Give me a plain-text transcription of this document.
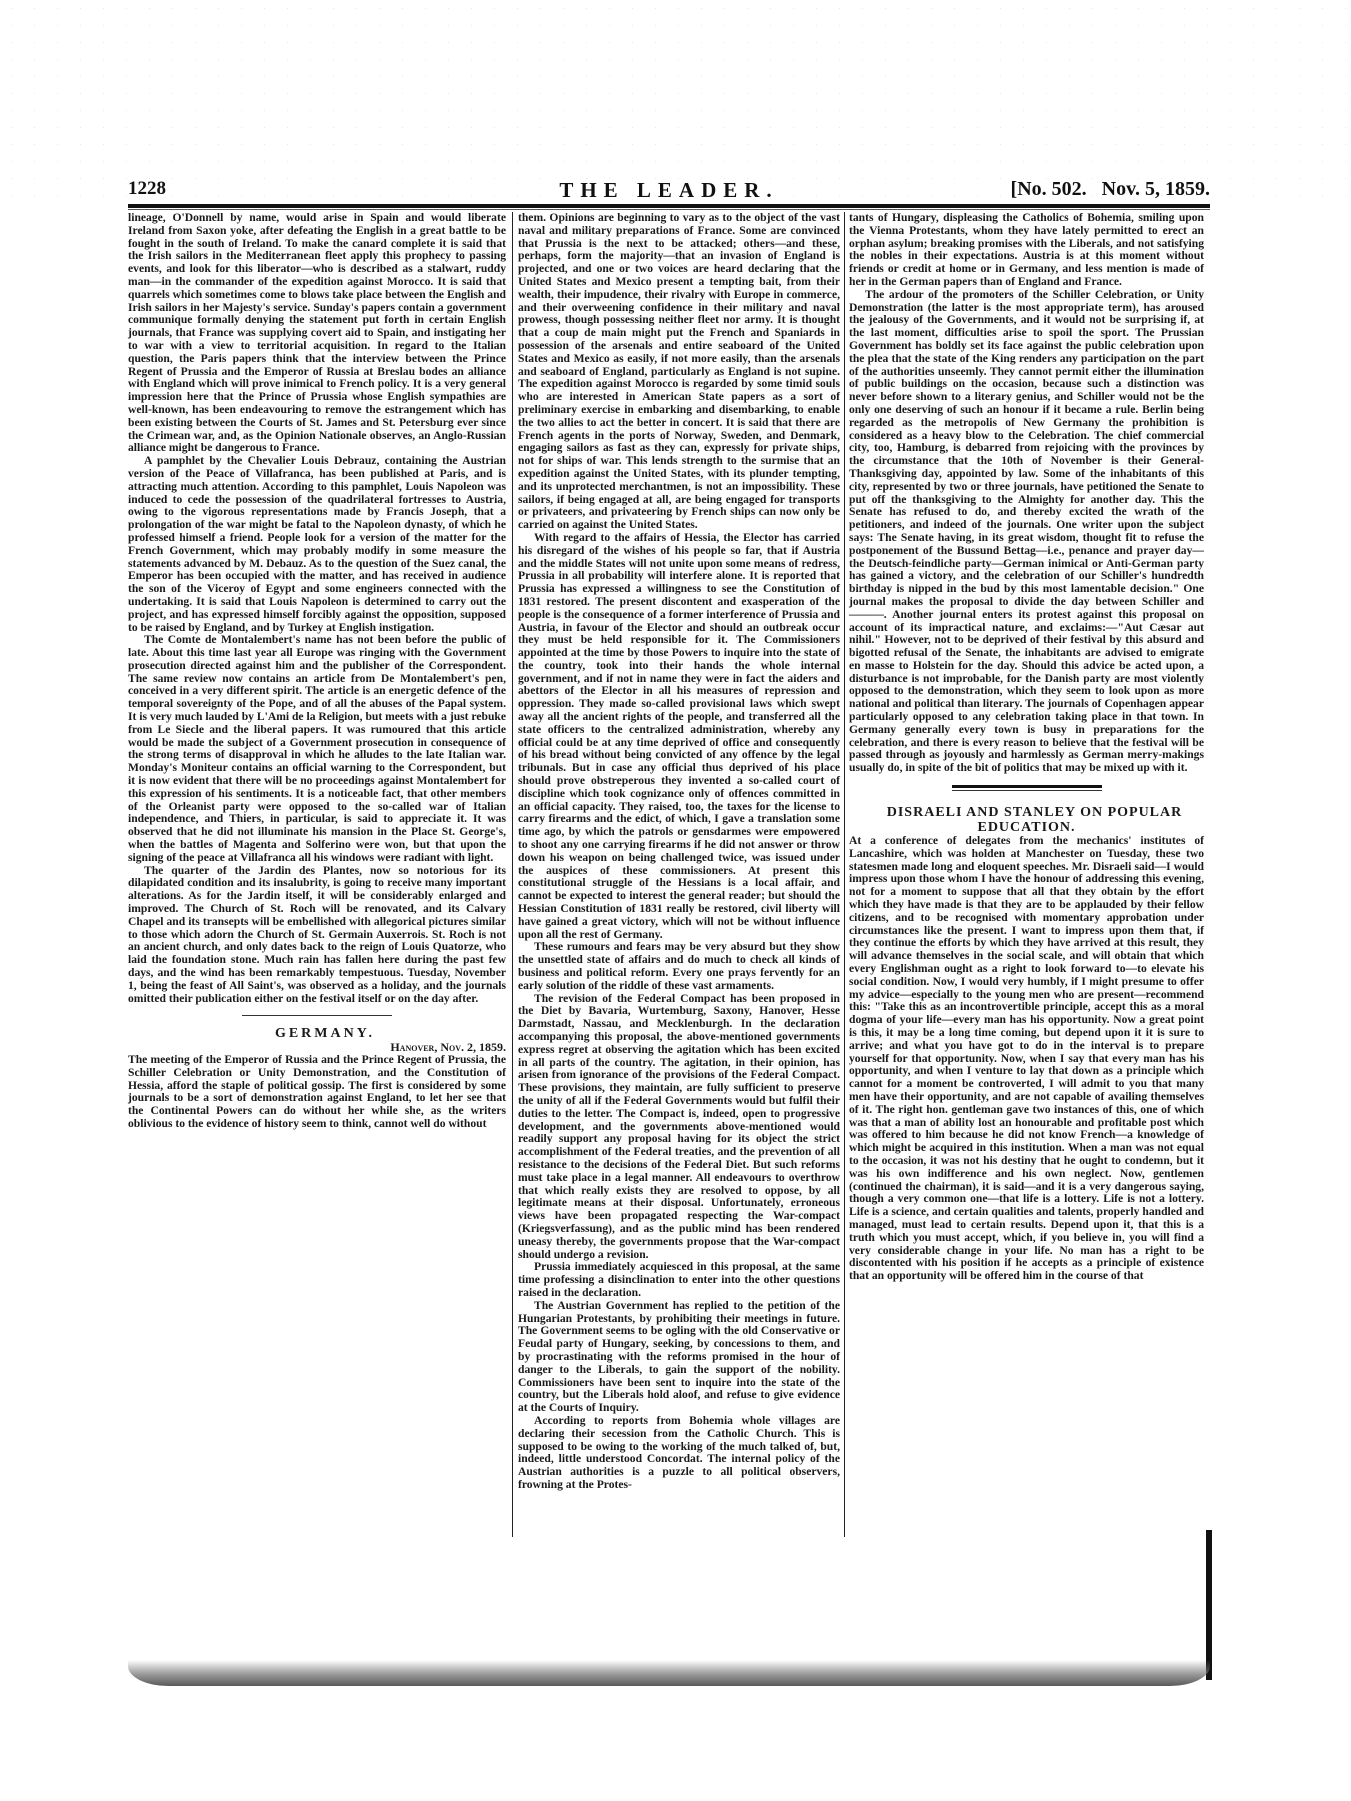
1228	THE LEADER.	[No. 502. Nov. 5, 1859.

lineage, O'Donnell by name, would arise in Spain and would liberate Ireland from Saxon yoke, after defeating the English in a great battle to be fought in the south of Ireland. To make the canard complete it is said that the Irish sailors in the Mediterranean fleet apply this prophecy to passing events, and look for this liberator—who is described as a stalwart, ruddy man—in the commander of the expedition against Morocco. It is said that quarrels which sometimes come to blows take place between the English and Irish sailors in her Majesty's service. Sunday's papers contain a government communique formally denying the statement put forth in certain English journals, that France was supplying covert aid to Spain, and instigating her to war with a view to territorial acquisition. In regard to the Italian question, the Paris papers think that the interview between the Prince Regent of Prussia and the Emperor of Russia at Breslau bodes an alliance with England which will prove inimical to French policy. It is a very general impression here that the Prince of Prussia whose English sympathies are well-known, has been endeavouring to remove the estrangement which has been existing between the Courts of St. James and St. Petersburg ever since the Crimean war, and, as the Opinion Nationale observes, an Anglo-Russian alliance might be dangerous to France.

A pamphlet by the Chevalier Louis Debrauz, containing the Austrian version of the Peace of Villafranca, has been published at Paris, and is attracting much attention. According to this pamphlet, Louis Napoleon was induced to cede the possession of the quadrilateral fortresses to Austria, owing to the vigorous representations made by Francis Joseph, that a prolongation of the war might be fatal to the Napoleon dynasty, of which he professed himself a friend. People look for a version of the matter for the French Government, which may probably modify in some measure the statements advanced by M. Debauz. As to the question of the Suez canal, the Emperor has been occupied with the matter, and has received in audience the son of the Viceroy of Egypt and some engineers connected with the undertaking. It is said that Louis Napoleon is determined to carry out the project, and has expressed himself forcibly against the opposition, supposed to be raised by England, and by Turkey at English instigation.

The Comte de Montalembert's name has not been before the public of late. About this time last year all Europe was ringing with the Government prosecution directed against him and the publisher of the Correspondent. The same review now contains an article from De Montalembert's pen, conceived in a very different spirit. The article is an energetic defence of the temporal sovereignty of the Pope, and of all the abuses of the Papal system. It is very much lauded by L'Ami de la Religion, but meets with a just rebuke from Le Siecle and the liberal papers. It was rumoured that this article would be made the subject of a Government prosecution in consequence of the strong terms of disapproval in which he alludes to the late Italian war. Monday's Moniteur contains an official warning to the Correspondent, but it is now evident that there will be no proceedings against Montalembert for this expression of his sentiments. It is a noticeable fact, that other members of the Orleanist party were opposed to the so-called war of Italian independence, and Thiers, in particular, is said to appreciate it. It was observed that he did not illuminate his mansion in the Place St. George's, when the battles of Magenta and Solferino were won, but that upon the signing of the peace at Villafranca all his windows were radiant with light.

The quarter of the Jardin des Plantes, now so notorious for its dilapidated condition and its insalubrity, is going to receive many important alterations. As for the Jardin itself, it will be considerably enlarged and improved. The Church of St. Roch will be renovated, and its Calvary Chapel and its transepts will be embellished with allegorical pictures similar to those which adorn the Church of St. Germain Auxerrois. St. Roch is not an ancient church, and only dates back to the reign of Louis Quatorze, who laid the foundation stone. Much rain has fallen here during the past few days, and the wind has been remarkably tempestuous. Tuesday, November 1, being the feast of All Saint's, was observed as a holiday, and the journals omitted their publication either on the festival itself or on the day after.

GERMANY.

Hanover, Nov. 2, 1859.

The meeting of the Emperor of Russia and the Prince Regent of Prussia, the Schiller Celebration or Unity Demonstration, and the Constitution of Hessia, afford the staple of political gossip. The first is considered by some journals to be a sort of demonstration against England, to let her see that the Continental Powers can do without her while she, as the writers oblivious to the evidence of history seem to think, cannot well do without

them. Opinions are beginning to vary as to the object of the vast naval and military preparations of France. Some are convinced that Prussia is the next to be attacked; others—and these, perhaps, form the majority—that an invasion of England is projected, and one or two voices are heard declaring that the United States and Mexico present a tempting bait, from their wealth, their impudence, their rivalry with Europe in commerce, and their overweening confidence in their military and naval prowess, though possessing neither fleet nor army. It is thought that a coup de main might put the French and Spaniards in possession of the arsenals and entire seaboard of the United States and Mexico as easily, if not more easily, than the arsenals and seaboard of England, particularly as England is not supine. The expedition against Morocco is regarded by some timid souls who are interested in American State papers as a sort of preliminary exercise in embarking and disembarking, to enable the two allies to act the better in concert. It is said that there are French agents in the ports of Norway, Sweden, and Denmark, engaging sailors as fast as they can, expressly for private ships, not for ships of war. This lends strength to the surmise that an expedition against the United States, with its plunder tempting, and its unprotected merchantmen, is not an impossibility. These sailors, if being engaged at all, are being engaged for transports or privateers, and privateering by French ships can now only be carried on against the United States.

With regard to the affairs of Hessia, the Elector has carried his disregard of the wishes of his people so far, that if Austria and the middle States will not unite upon some means of redress, Prussia in all probability will interfere alone. It is reported that Prussia has expressed a willingness to see the Constitution of 1831 restored. The present discontent and exasperation of the people is the consequence of a former interference of Prussia and Austria, in favour of the Elector and should an outbreak occur they must be held responsible for it. The Commissioners appointed at the time by those Powers to inquire into the state of the country, took into their hands the whole internal government, and if not in name they were in fact the aiders and abettors of the Elector in all his measures of repression and oppression. They made so-called provisional laws which swept away all the ancient rights of the people, and transferred all the state officers to the centralized administration, whereby any official could be at any time deprived of office and consequently of his bread without being convicted of any offence by the legal tribunals. But in case any official thus deprived of his place should prove obstreperous they invented a so-called court of discipline which took cognizance only of offences committed in an official capacity. They raised, too, the taxes for the license to carry firearms and the edict, of which, I gave a translation some time ago, by which the patrols or gensdarmes were empowered to shoot any one carrying firearms if he did not answer or throw down his weapon on being challenged twice, was issued under the auspices of these commissioners. At present this constitutional struggle of the Hessians is a local affair, and cannot be expected to interest the general reader; but should the Hessian Constitution of 1831 really be restored, civil liberty will have gained a great victory, which will not be without influence upon all the rest of Germany.

These rumours and fears may be very absurd but they show the unsettled state of affairs and do much to check all kinds of business and political reform. Every one prays fervently for an early solution of the riddle of these vast armaments.

The revision of the Federal Compact has been proposed in the Diet by Bavaria, Wurtemburg, Saxony, Hanover, Hesse Darmstadt, Nassau, and Mecklenburgh. In the declaration accompanying this proposal, the above-mentioned governments express regret at observing the agitation which has been excited in all parts of the country. The agitation, in their opinion, has arisen from ignorance of the provisions of the Federal Compact. These provisions, they maintain, are fully sufficient to preserve the unity of all if the Federal Governments would but fulfil their duties to the letter. The Compact is, indeed, open to progressive development, and the governments above-mentioned would readily support any proposal having for its object the strict accomplishment of the Federal treaties, and the prevention of all resistance to the decisions of the Federal Diet. But such reforms must take place in a legal manner. All endeavours to overthrow that which really exists they are resolved to oppose, by all legitimate means at their disposal. Unfortunately, erroneous views have been propagated respecting the War-compact (Kriegsverfassung), and as the public mind has been rendered uneasy thereby, the governments propose that the War-compact should undergo a revision.

Prussia immediately acquiesced in this proposal, at the same time professing a disinclination to enter into the other questions raised in the declaration.

The Austrian Government has replied to the petition of the Hungarian Protestants, by prohibiting their meetings in future. The Government seems to be ogling with the old Conservative or Feudal party of Hungary, seeking, by concessions to them, and by procrastinating with the reforms promised in the hour of danger to the Liberals, to gain the support of the nobility. Commissioners have been sent to inquire into the state of the country, but the Liberals hold aloof, and refuse to give evidence at the Courts of Inquiry.

According to reports from Bohemia whole villages are declaring their secession from the Catholic Church. This is supposed to be owing to the working of the much talked of, but, indeed, little understood Concordat. The internal policy of the Austrian authorities is a puzzle to all political observers, frowning at the Protes-

tants of Hungary, displeasing the Catholics of Bohemia, smiling upon the Vienna Protestants, whom they have lately permitted to erect an orphan asylum; breaking promises with the Liberals, and not satisfying the nobles in their expectations. Austria is at this moment without friends or credit at home or in Germany, and less mention is made of her in the German papers than of England and France.

The ardour of the promoters of the Schiller Celebration, or Unity Demonstration (the latter is the most appropriate term), has aroused the jealousy of the Governments, and it would not be surprising if, at the last moment, difficulties arise to spoil the sport. The Prussian Government has boldly set its face against the public celebration upon the plea that the state of the King renders any participation on the part of the authorities unseemly. They cannot permit either the illumination of public buildings on the occasion, because such a distinction was never before shown to a literary genius, and Schiller would not be the only one deserving of such an honour if it became a rule. Berlin being regarded as the metropolis of New Germany the prohibition is considered as a heavy blow to the Celebration. The chief commercial city, too, Hamburg, is debarred from rejoicing with the provinces by the circumstance that the 10th of November is their General-Thanksgiving day, appointed by law. Some of the inhabitants of this city, represented by two or three journals, have petitioned the Senate to put off the thanksgiving to the Almighty for another day. This the Senate has refused to do, and thereby excited the wrath of the petitioners, and indeed of the journals. One writer upon the subject says: The Senate having, in its great wisdom, thought fit to refuse the postponement of the Bussund Bettag—i.e., penance and prayer day—the Deutsch-feindliche party—German inimical or Anti-German party has gained a victory, and the celebration of our Schiller's hundredth birthday is nipped in the bud by this most lamentable decision." One journal makes the proposal to divide the day between Schiller and ———. Another journal enters its protest against this proposal on account of its impractical nature, and exclaims:—"Aut Cæsar aut nihil." However, not to be deprived of their festival by this absurd and bigotted refusal of the Senate, the inhabitants are advised to emigrate en masse to Holstein for the day. Should this advice be acted upon, a disturbance is not improbable, for the Danish party are most violently opposed to the demonstration, which they seem to look upon as more national and political than literary. The journals of Copenhagen appear particularly opposed to any celebration taking place in that town. In Germany generally every town is busy in preparations for the celebration, and there is every reason to believe that the festival will be passed through as joyously and harmlessly as German merry-makings usually do, in spite of the bit of politics that may be mixed up with it.

DISRAELI AND STANLEY ON POPULAR EDUCATION.

At a conference of delegates from the mechanics' institutes of Lancashire, which was holden at Manchester on Tuesday, these two statesmen made long and eloquent speeches. Mr. Disraeli said—I would impress upon those whom I have the honour of addressing this evening, not for a moment to suppose that all that they obtain by the effort which they have made is that they are to be applauded by their fellow citizens, and to be recognised with momentary approbation under circumstances like the present. I want to impress upon them that, if they continue the efforts by which they have arrived at this result, they will advance themselves in the social scale, and will obtain that which every Englishman ought as a right to look forward to—to elevate his social condition. Now, I would very humbly, if I might presume to offer my advice—especially to the young men who are present—recommend this: "Take this as an incontrovertible principle, accept this as a moral dogma of your life—every man has his opportunity. Now a great point is this, it may be a long time coming, but depend upon it it is sure to arrive; and what you have got to do in the interval is to prepare yourself for that opportunity. Now, when I say that every man has his opportunity, and when I venture to lay that down as a principle which cannot for a moment be controverted, I will admit to you that many men have their opportunity, and are not capable of availing themselves of it. The right hon. gentleman gave two instances of this, one of which was that a man of ability lost an honourable and profitable post which was offered to him because he did not know French—a knowledge of which might be acquired in this institution. When a man was not equal to the occasion, it was not his destiny that he ought to condemn, but it was his own indifference and his own neglect. Now, gentlemen (continued the chairman), it is said—and it is a very dangerous saying, though a very common one—that life is a lottery. Life is not a lottery. Life is a science, and certain qualities and talents, properly handled and managed, must lead to certain results. Depend upon it, that this is a truth which you must accept, which, if you believe in, you will find a very considerable change in your life. No man has a right to be discontented with his position if he accepts as a principle of existence that an opportunity will be offered him in the course of that
